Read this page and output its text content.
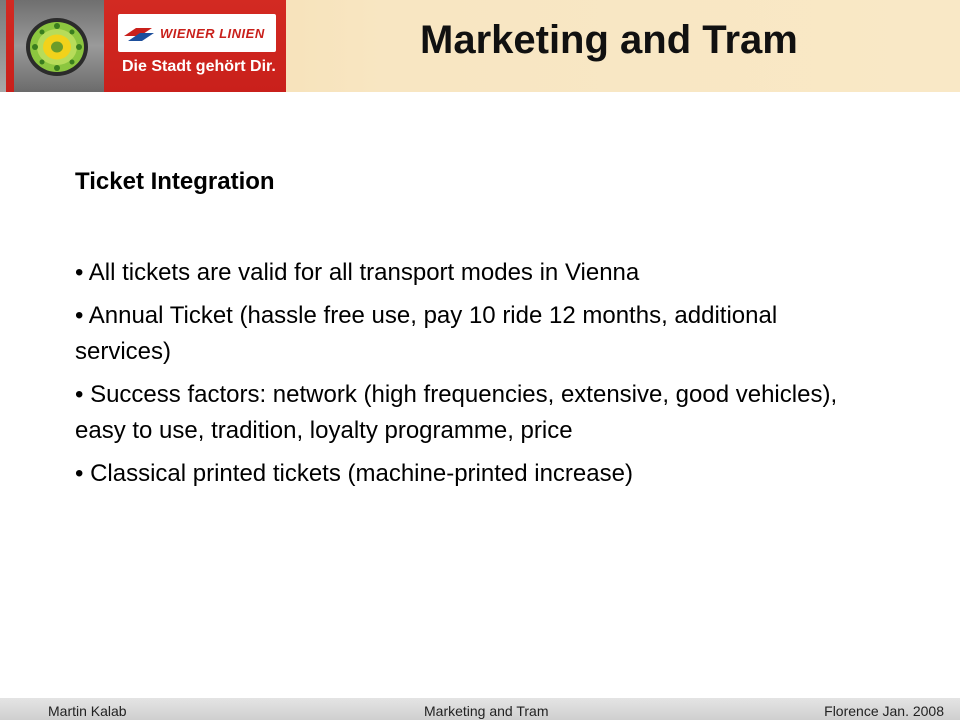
WIENER LINIEN
Die Stadt gehört Dir.
Marketing and Tram
Ticket Integration
• All tickets are valid for all transport modes in Vienna
• Annual Ticket (hassle free use, pay 10 ride 12 months, additional services)
• Success factors: network (high frequencies, extensive, good vehicles), easy to use, tradition, loyalty programme, price
• Classical printed tickets (machine-printed increase)
Martin Kalab	Marketing and Tram	Florence Jan. 2008
